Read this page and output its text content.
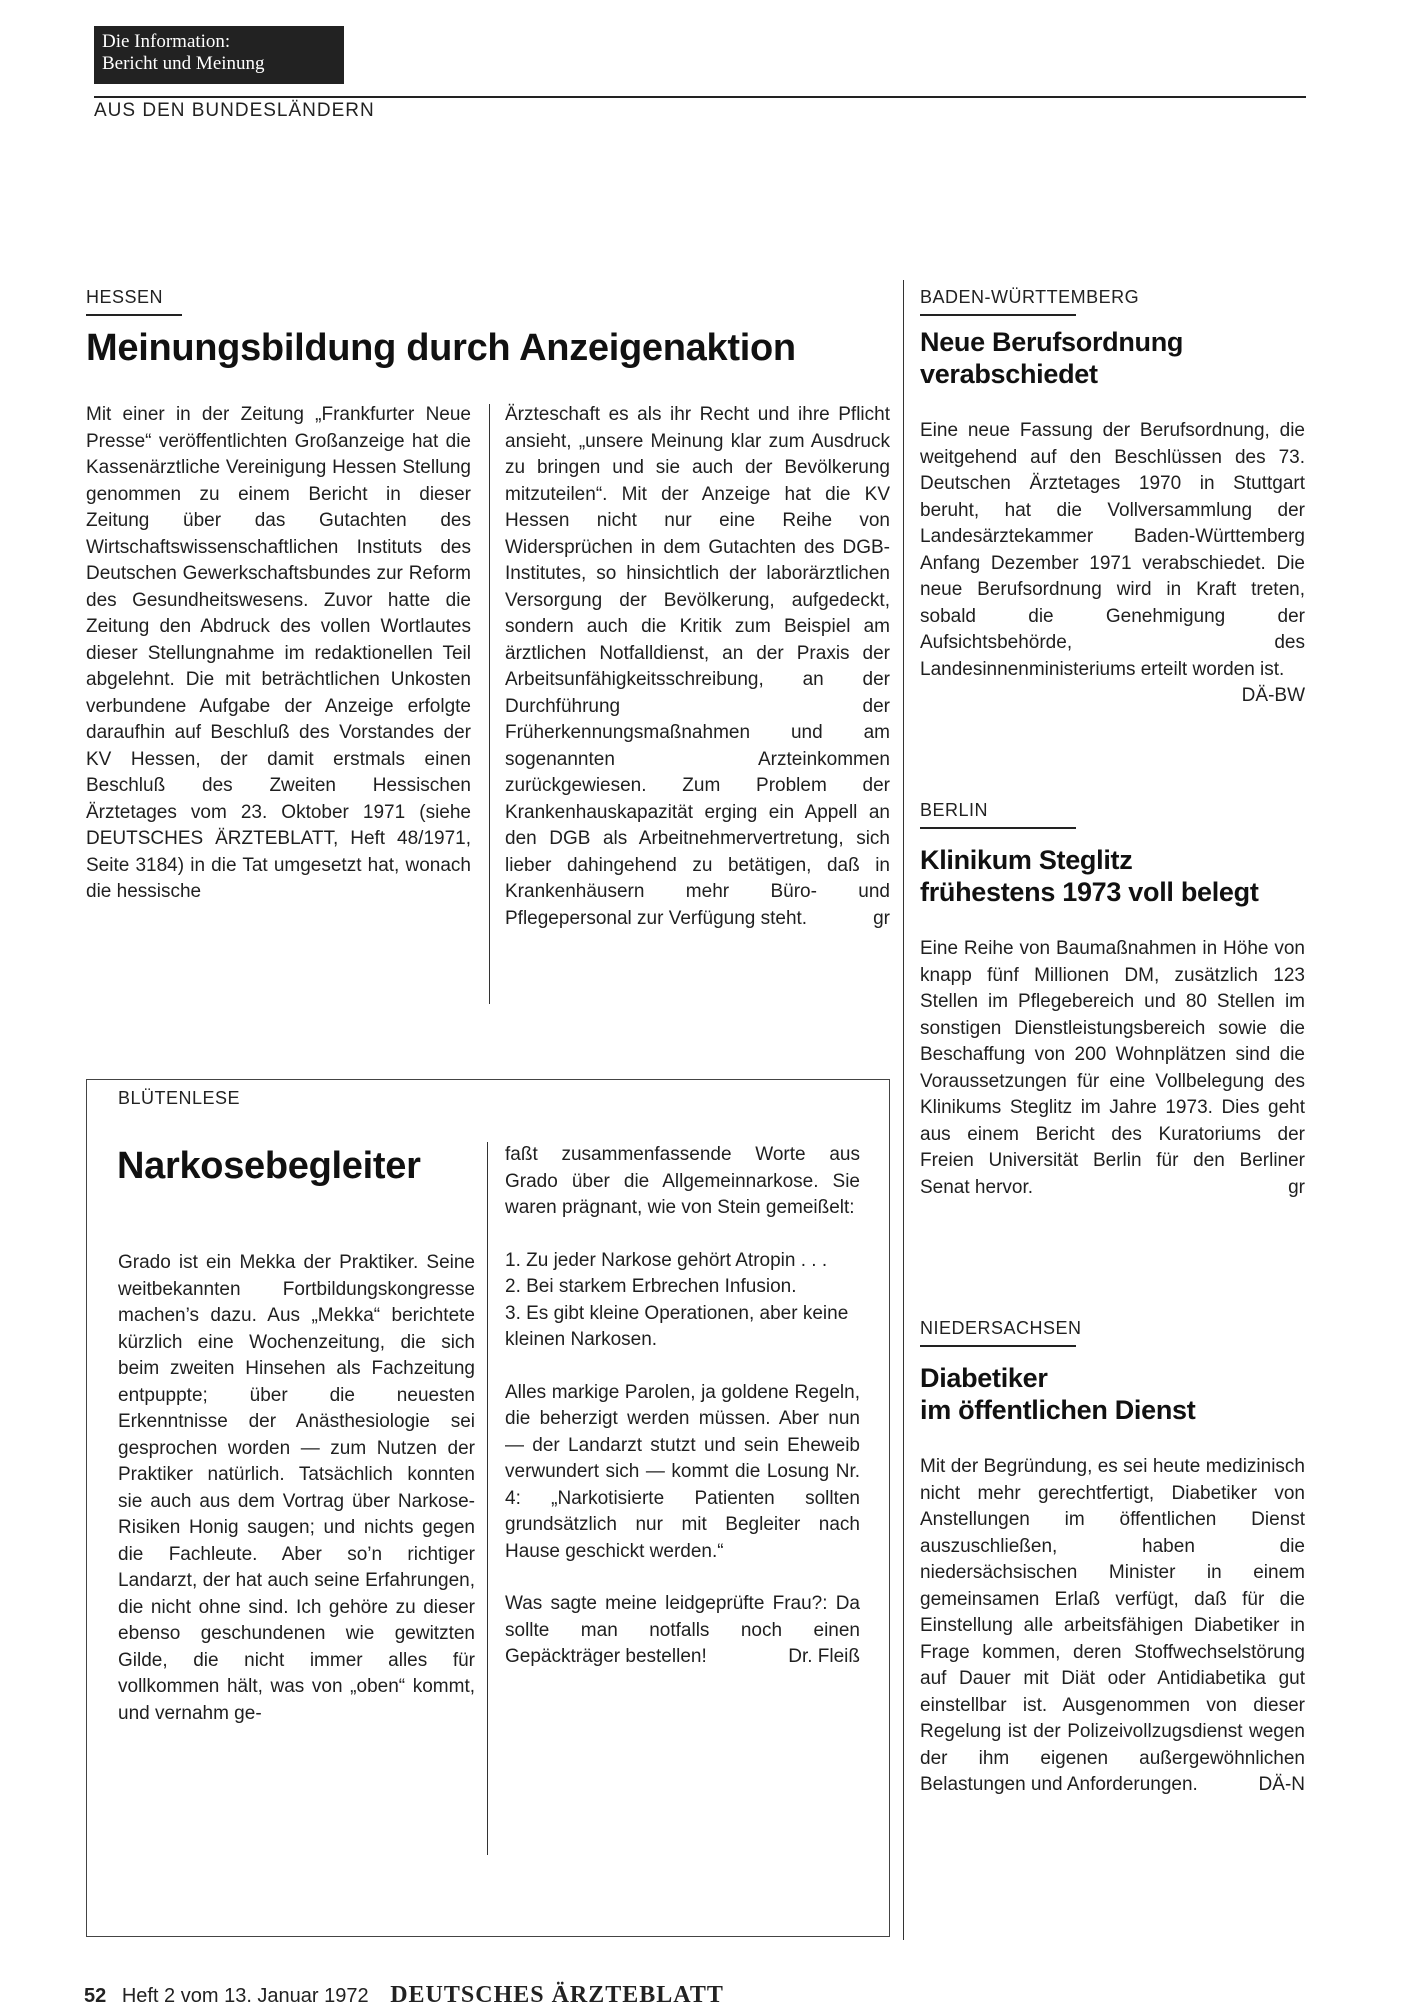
Die Information:
Bericht und Meinung
AUS DEN BUNDESLÄNDERN
HESSEN
Meinungsbildung durch Anzeigenaktion
Mit einer in der Zeitung „Frankfurter Neue Presse“ veröffentlichten Großanzeige hat die Kassenärztliche Vereinigung Hessen Stellung genommen zu einem Bericht in dieser Zeitung über das Gutachten des Wirtschaftswissenschaftlichen Instituts des Deutschen Gewerkschaftsbundes zur Reform des Gesundheitswesens. Zuvor hatte die Zeitung den Abdruck des vollen Wortlautes dieser Stellungnahme im redaktionellen Teil abgelehnt. Die mit beträchtlichen Unkosten verbundene Aufgabe der Anzeige erfolgte daraufhin auf Beschluß des Vorstandes der KV Hessen, der damit erstmals einen Beschluß des Zweiten Hessischen Ärztetages vom 23. Oktober 1971 (siehe DEUTSCHES ÄRZTEBLATT, Heft 48/1971, Seite 3184) in die Tat umgesetzt hat, wonach die hessische
Ärzteschaft es als ihr Recht und ihre Pflicht ansieht, „unsere Meinung klar zum Ausdruck zu bringen und sie auch der Bevölkerung mitzuteilen“. Mit der Anzeige hat die KV Hessen nicht nur eine Reihe von Widersprüchen in dem Gutachten des DGB-Institutes, so hinsichtlich der laborärztlichen Versorgung der Bevölkerung, aufgedeckt, sondern auch die Kritik zum Beispiel am ärztlichen Notfalldienst, an der Praxis der Arbeitsunfähigkeitsschreibung, an der Durchführung der Früherkennungsmaßnahmen und am sogenannten Arzteinkommen zurückgewiesen. Zum Problem der Krankenhauskapazität erging ein Appell an den DGB als Arbeitnehmervertretung, sich lieber dahingehend zu betätigen, daß in Krankenhäusern mehr Büro- und Pflegepersonal zur Verfügung steht.	gr
BLÜTENLESE
Narkosebegleiter
Grado ist ein Mekka der Praktiker. Seine weitbekannten Fortbildungskongresse machen’s dazu. Aus „Mekka“ berichtete kürzlich eine Wochenzeitung, die sich beim zweiten Hinsehen als Fachzeitung entpuppte; über die neuesten Erkenntnisse der Anästhesiologie sei gesprochen worden — zum Nutzen der Praktiker natürlich. Tatsächlich konnten sie auch aus dem Vortrag über Narkose-Risiken Honig saugen; und nichts gegen die Fachleute. Aber so’n richtiger Landarzt, der hat auch seine Erfahrungen, die nicht ohne sind. Ich gehöre zu dieser ebenso geschundenen wie gewitzten Gilde, die nicht immer alles für vollkommen hält, was von „oben“ kommt, und vernahm ge-

faßt zusammenfassende Worte aus Grado über die Allgemeinnarkose. Sie waren prägnant, wie von Stein gemeißelt:

1. Zu jeder Narkose gehört Atropin . . .
2. Bei starkem Erbrechen Infusion.
3. Es gibt kleine Operationen, aber keine kleinen Narkosen.

Alles markige Parolen, ja goldene Regeln, die beherzigt werden müssen. Aber nun — der Landarzt stutzt und sein Eheweib verwundert sich — kommt die Losung Nr. 4: „Narkotisierte Patienten sollten grundsätzlich nur mit Begleiter nach Hause geschickt werden.“

Was sagte meine leidgeprüfte Frau?: Da sollte man notfalls noch einen Gepäckträger bestellen!	Dr. Fleiß

BADEN-WÜRTTEMBERG
Neue Berufsordnung
verabschiedet
Eine neue Fassung der Berufsordnung, die weitgehend auf den Beschlüssen des 73. Deutschen Ärztetages 1970 in Stuttgart beruht, hat die Vollversammlung der Landesärztekammer Baden-Württemberg Anfang Dezember 1971 verabschiedet. Die neue Berufsordnung wird in Kraft treten, sobald die Genehmigung der Aufsichtsbehörde, des Landesinnenministeriums erteilt worden ist.
DÄ-BW
BERLIN
Klinikum Steglitz
frühestens 1973 voll belegt
Eine Reihe von Baumaßnahmen in Höhe von knapp fünf Millionen DM, zusätzlich 123 Stellen im Pflegebereich und 80 Stellen im sonstigen Dienstleistungsbereich sowie die Beschaffung von 200 Wohnplätzen sind die Voraussetzungen für eine Vollbelegung des Klinikums Steglitz im Jahre 1973. Dies geht aus einem Bericht des Kuratoriums der Freien Universität Berlin für den Berliner Senat hervor.	gr
NIEDERSACHSEN
Diabetiker
im öffentlichen Dienst
Mit der Begründung, es sei heute medizinisch nicht mehr gerechtfertigt, Diabetiker von Anstellungen im öffentlichen Dienst auszuschließen, haben die niedersächsischen Minister in einem gemeinsamen Erlaß verfügt, daß für die Einstellung alle arbeitsfähigen Diabetiker in Frage kommen, deren Stoffwechselstörung auf Dauer mit Diät oder Antidiabetika gut einstellbar ist. Ausgenommen von dieser Regelung ist der Polizeivollzugsdienst wegen der ihm eigenen außergewöhnlichen Belastungen und Anforderungen.	DÄ-N
52 Heft 2 vom 13. Januar 1972 DEUTSCHES ÄRZTEBLATT
